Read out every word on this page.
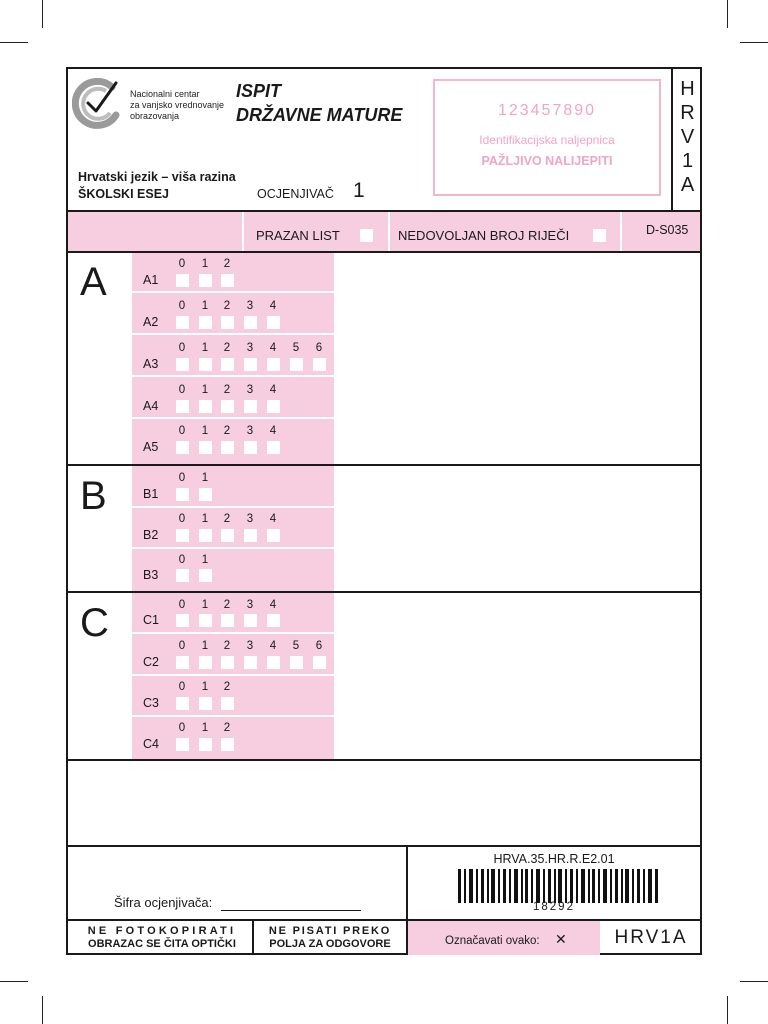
Nacionalni centar
za vanjsko vrednovanje
obrazovanja
ISPIT
DRŽAVNE MATURE
Hrvatski jezik – viša razina
ŠKOLSKI ESEJ	OCJENJIVAČ 1
123457890
Identifikacijska naljepnica
PAŽLJIVO NALIJEPITI
H
R
V
1
A
PRAZAN LIST	NEDOVOLJAN BROJ RIJEČI	D-S035
A
B
C
A1
0	1	2
A2
0	1	2	3	4
A3
0	1	2	3	4	5	6
A4
0	1	2	3	4
A5
0	1	2	3	4
B1
0	1
B2
0	1	2	3	4
B3
0	1
C1
0	1	2	3	4
C2
0	1	2	3	4	5	6
C3
0	1	2
C4
0	1	2
Šifra ocjenjivača:
HRVA.35.HR.R.E2.01
18292
NE FOTOKOPIRATI
OBRAZAC SE ČITA OPTIČKI
NE PISATI PREKO
POLJA ZA ODGOVORE	Označavati ovako: ✕	HRV1A
